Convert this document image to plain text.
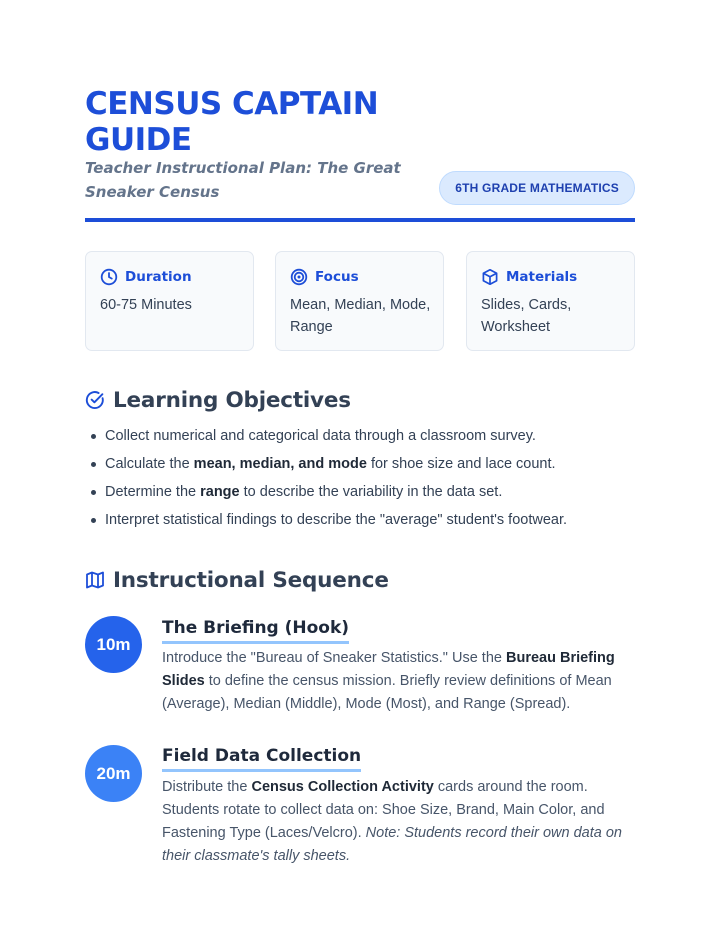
CENSUS CAPTAIN GUIDE
Teacher Instructional Plan: The Great Sneaker Census	6TH GRADE MATHEMATICS
Duration
60-75 Minutes
Focus
Mean, Median, Mode, Range
Materials
Slides, Cards, Worksheet
Learning Objectives
Collect numerical and categorical data through a classroom survey.
Calculate the mean, median, and mode for shoe size and lace count.
Determine the range to describe the variability in the data set.
Interpret statistical findings to describe the "average" student's footwear.
Instructional Sequence
10m
The Briefing (Hook)
Introduce the "Bureau of Sneaker Statistics." Use the Bureau Briefing Slides to define the census mission. Briefly review definitions of Mean (Average), Median (Middle), Mode (Most), and Range (Spread).
20m
Field Data Collection
Distribute the Census Collection Activity cards around the room. Students rotate to collect data on: Shoe Size, Brand, Main Color, and Fastening Type (Laces/Velcro). Note: Students record their own data on their classmate's tally sheets.
